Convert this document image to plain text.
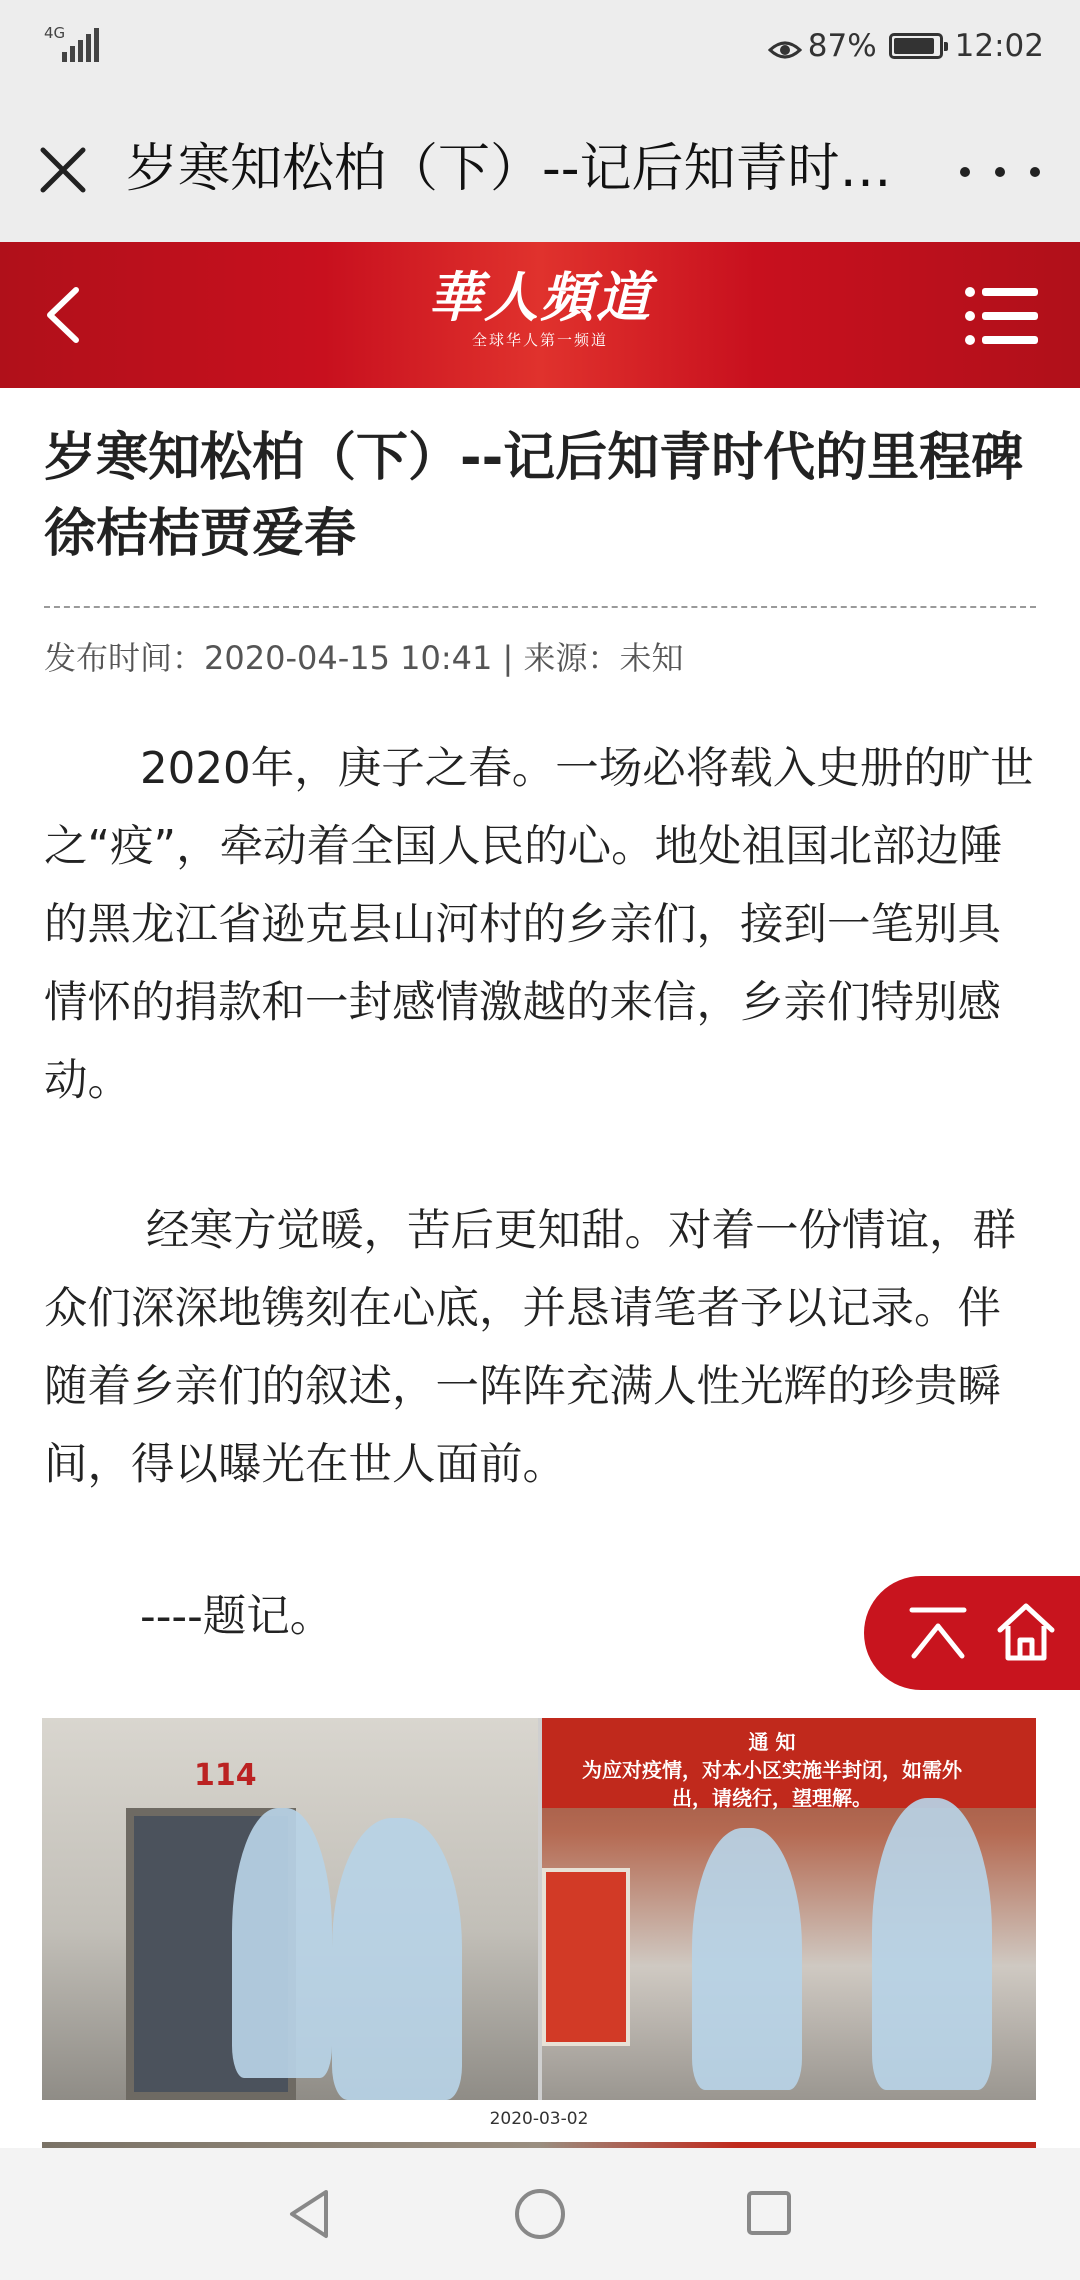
4G	87%	12:02
岁寒知松柏（下）--记后知青时…
華人頻道
全球华人第一频道
岁寒知松柏（下）--记后知青时代的里程碑 徐桔桔贾爱春
发布时间：2020-04-15 10:41 | 来源：未知

2020年，庚子之春。一场必将载入史册的旷世之“疫”，牵动着全国人民的心。地处祖国北部边陲的黑龙江省逊克县山河村的乡亲们，接到一笔别具情怀的捐款和一封感情激越的来信，乡亲们特别感动。

经寒方觉暖，苦后更知甜。对着一份情谊，群众们深深地镌刻在心底，并恳请笔者予以记录。伴随着乡亲们的叙述，一阵阵充满人性光辉的珍贵瞬间，得以曝光在世人面前。

----题记。

114
通 知
为应对疫情，对本小区实施半封闭，如需外出，请绕行，望理解。
2020-03-02
